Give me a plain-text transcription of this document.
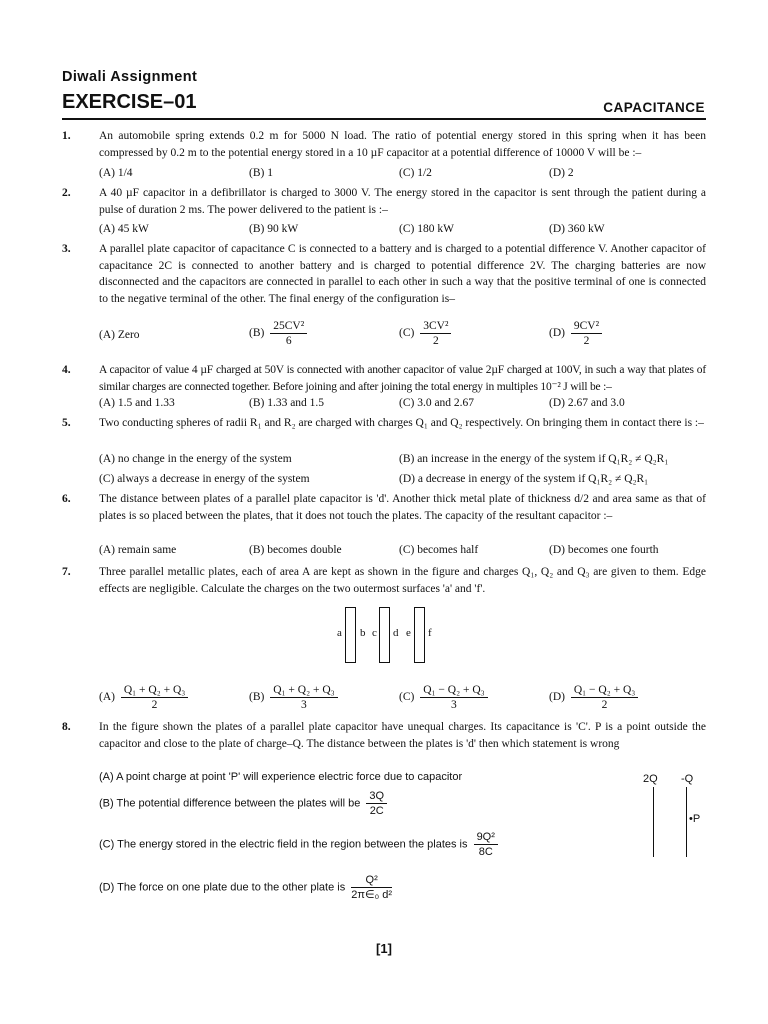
Diwali Assignment
EXERCISE–01	CAPACITANCE
1. An automobile spring extends 0.2 m for 5000 N load. The ratio of potential energy stored in this spring when it has been compressed by 0.2 m to the potential energy stored in a 10 µF capacitor at a potential difference of 10000 V will be :–
(A) 1/4	(B) 1	(C) 1/2	(D) 2
2. A 40 µF capacitor in a defibrillator is charged to 3000 V. The energy stored in the capacitor is sent through the patient during a pulse of duration 2 ms. The power delivered to the patient is :–
(A) 45 kW	(B) 90 kW	(C) 180 kW	(D) 360 kW
3. A parallel plate capacitor of capacitance C is connected to a battery and is charged to a potential difference V. Another capacitor of capacitance 2C is connected to another battery and is charged to potential difference 2V. The charging batteries are now disconnected and the capacitors are connected in parallel to each other in such a way that the positive terminal of one is connected to the negative terminal of the other. The final energy of the configuration is–
(A) Zero	$(B) \frac{\text{25CV²}}{6}$	$(C) \frac{\text{3CV²}}{2}$	$(D) \frac{\text{9CV²}}{2}$
4. A capacitor of value 4 µF charged at 50V is connected with another capacitor of value 2µF charged at 100V, in such a way that plates of similar charges are connected together. Before joining and after joining the total energy in multiples 10⁻² J will be :–
(A) 1.5 and 1.33	(B) 1.33 and 1.5	(C) 3.0 and 2.67	(D) 2.67 and 3.0
5. Two conducting spheres of radii R₁ and R₂ are charged with charges Q₁ and Q₂ respectively. On bringing them in contact there is :–
(A) no change in the energy of the system	(B) an increase in the energy of the system if Q₁R₂ ≠ Q₂R₁
(C) always a decrease in energy of the system	(D) a decrease in energy of the system if Q₁R₂ ≠ Q₂R₁
6. The distance between plates of a parallel plate capacitor is 'd'. Another thick metal plate of thickness d/2 and area same as that of plates is so placed between the plates, that it does not touch the plates. The capacity of the resultant capacitor :–
(A) remain same	(B) becomes double	(C) becomes half	(D) becomes one fourth
7. Three parallel metallic plates, each of area A are kept as shown in the figure and charges Q₁, Q₂ and Q₃ are given to them. Edge effects are negligible. Calculate the charges on the two outermost surfaces 'a' and 'f'.
a b c d e f
$(A) \frac{\text{Q₁ + Q₂ + Q₃}}{2}$	$(B) \frac{\text{Q₁ + Q₂ + Q₃}}{3}$	$(C) \frac{\text{Q₁ − Q₂ + Q₃}}{3}$	$(D) \frac{\text{Q₁ − Q₂ + Q₃}}{2}$
8. In the figure shown the plates of a parallel plate capacitor have unequal charges. Its capacitance is 'C'. P is a point outside the capacitor and close to the plate of charge–Q. The distance between the plates is 'd' then which statement is wrong
(A) A point charge at point 'P' will experience electric force due to capacitor
(B) The potential difference between the plates will be $\frac{3Q}{2C}$
(C) The energy stored in the electric field in the region between the plates is $\frac{\text{9Q²}}{8C}$
(D) The force on one plate due to the other plate is $\frac{\text{Q²}}{\text{2π∈₀ d²}}$
2Q -Q
•P
[1]
